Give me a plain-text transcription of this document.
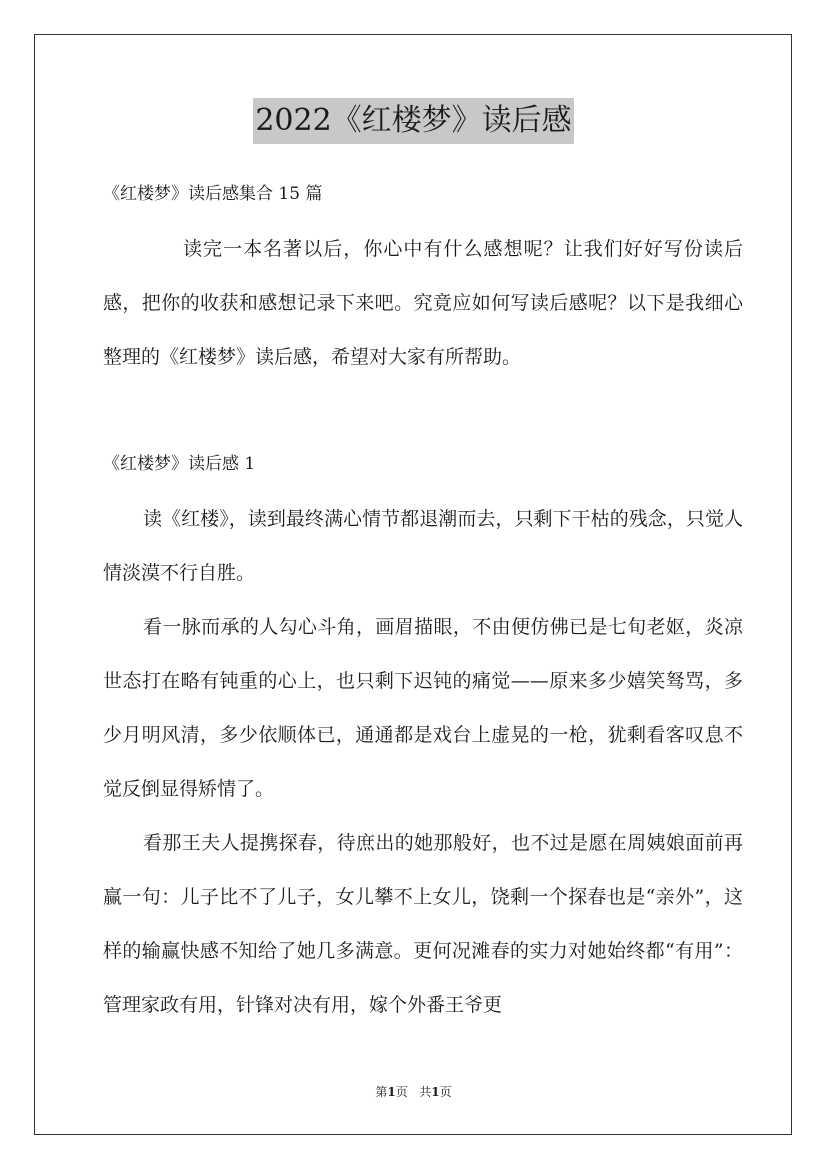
2022《红楼梦》读后感
《红楼梦》读后感集合 15 篇

读完一本名著以后，你心中有什么感想呢？让我们好好写份读后感，把你的收获和感想记录下来吧。究竟应如何写读后感呢？以下是我细心整理的《红楼梦》读后感，希望对大家有所帮助。

《红楼梦》读后感 1

读《红楼》，读到最终满心情节都退潮而去，只剩下干枯的残念，只觉人情淡漠不行自胜。

看一脉而承的人勾心斗角，画眉描眼，不由便仿佛已是七旬老妪，炎凉世态打在略有钝重的心上，也只剩下迟钝的痛觉——原来多少嬉笑驽骂，多少月明风清，多少依顺体已，通通都是戏台上虚晃的一枪，犹剩看客叹息不觉反倒显得矫情了。

看那王夫人提携探春，待庶出的她那般好，也不过是愿在周姨娘面前再赢一句：儿子比不了儿子，女儿攀不上女儿，饶剩一个探春也是“亲外”，这样的输赢快感不知给了她几多满意。更何况滩春的实力对她始终都“有用”：管理家政有用，针锋对决有用，嫁个外番王爷更

第1页 共1页
